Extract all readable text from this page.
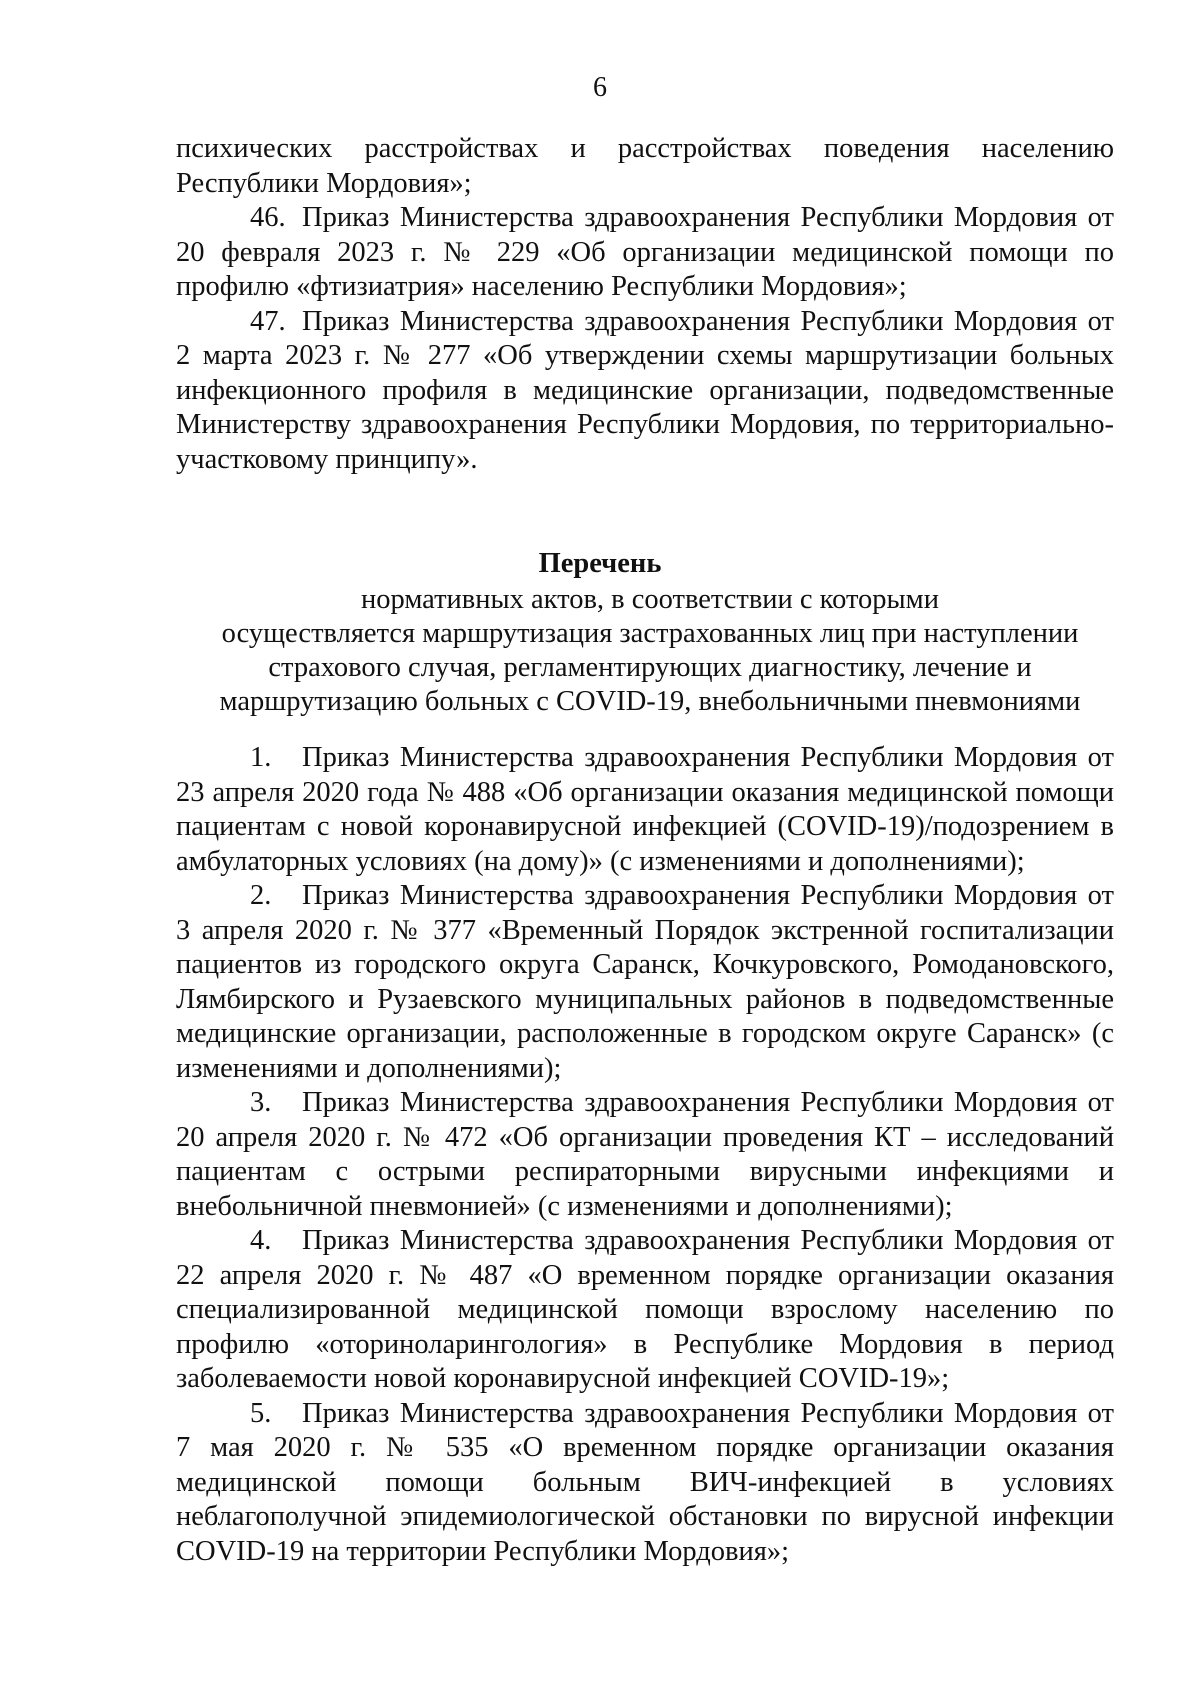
6

психических расстройствах и расстройствах поведения населению Республики Мордовия»;

46. Приказ Министерства здравоохранения Республики Мордовия от 20 февраля 2023 г. № 229 «Об организации медицинской помощи по профилю «фтизиатрия» населению Республики Мордовия»;

47. Приказ Министерства здравоохранения Республики Мордовия от 2 марта 2023 г. № 277 «Об утверждении схемы маршрутизации больных инфекционного профиля в медицинские организации, подведомственные Министерству здравоохранения Республики Мордовия, по территориально-участковому принципу».

Перечень
нормативных актов, в соответствии с которыми
осуществляется маршрутизация застрахованных лиц при наступлении
страхового случая, регламентирующих диагностику, лечение и
маршрутизацию больных с COVID-19, внебольничными пневмониями

1. Приказ Министерства здравоохранения Республики Мордовия от 23 апреля 2020 года № 488 «Об организации оказания медицинской помощи пациентам с новой коронавирусной инфекцией (COVID-19)/подозрением в амбулаторных условиях (на дому)» (с изменениями и дополнениями);

2. Приказ Министерства здравоохранения Республики Мордовия от 3 апреля 2020 г. № 377 «Временный Порядок экстренной госпитализации пациентов из городского округа Саранск, Кочкуровского, Ромодановского, Лямбирского и Рузаевского муниципальных районов в подведомственные медицинские организации, расположенные в городском округе Саранск» (с изменениями и дополнениями);

3. Приказ Министерства здравоохранения Республики Мордовия от 20 апреля 2020 г. № 472 «Об организации проведения КТ – исследований пациентам с острыми респираторными вирусными инфекциями и внебольничной пневмонией» (с изменениями и дополнениями);

4. Приказ Министерства здравоохранения Республики Мордовия от 22 апреля 2020 г. № 487 «О временном порядке организации оказания специализированной медицинской помощи взрослому населению по профилю «оториноларингология» в Республике Мордовия в период заболеваемости новой коронавирусной инфекцией COVID-19»;

5. Приказ Министерства здравоохранения Республики Мордовия от 7 мая 2020 г. № 535 «О временном порядке организации оказания медицинской помощи больным ВИЧ-инфекцией в условиях неблагополучной эпидемиологической обстановки по вирусной инфекции COVID-19 на территории Республики Мордовия»;
